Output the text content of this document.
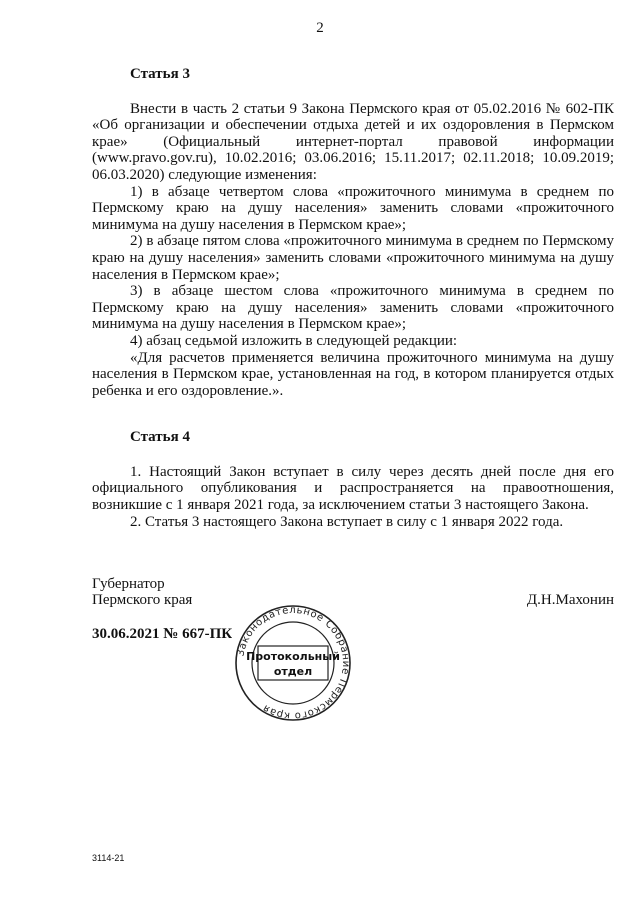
2
Статья 3

Внести в часть 2 статьи 9 Закона Пермского края от 05.02.2016 № 602-ПК «Об организации и обеспечении отдыха детей и их оздоровления в Пермском крае» (Официальный интернет-портал правовой информации (www.pravo.gov.ru), 10.02.2016; 03.06.2016; 15.11.2017; 02.11.2018; 10.09.2019; 06.03.2020) следующие изменения:

1) в абзаце четвертом слова «прожиточного минимума в среднем по Пермскому краю на душу населения» заменить словами «прожиточного минимума на душу населения в Пермском крае»;

2) в абзаце пятом слова «прожиточного минимума в среднем по Пермскому краю на душу населения» заменить словами «прожиточного минимума на душу населения в Пермском крае»;

3) в абзаце шестом слова «прожиточного минимума в среднем по Пермскому краю на душу населения» заменить словами «прожиточного минимума на душу населения в Пермском крае»;

4) абзац седьмой изложить в следующей редакции:

«Для расчетов применяется величина прожиточного минимума на душу населения в Пермском крае, установленная на год, в котором планируется отдых ребенка и его оздоровление.».

Статья 4

1. Настоящий Закон вступает в силу через десять дней после дня его официального опубликования и распространяется на правоотношения, возникшие с 1 января 2021 года, за исключением статьи 3 настоящего Закона.

2. Статья 3 настоящего Закона вступает в силу с 1 января 2022 года.

Губернатор
Пермского края	Д.Н.Махонин
30.06.2021 № 667-ПК
Законодательное Собрание Пермского края
Протокольный
отдел
3114-21
